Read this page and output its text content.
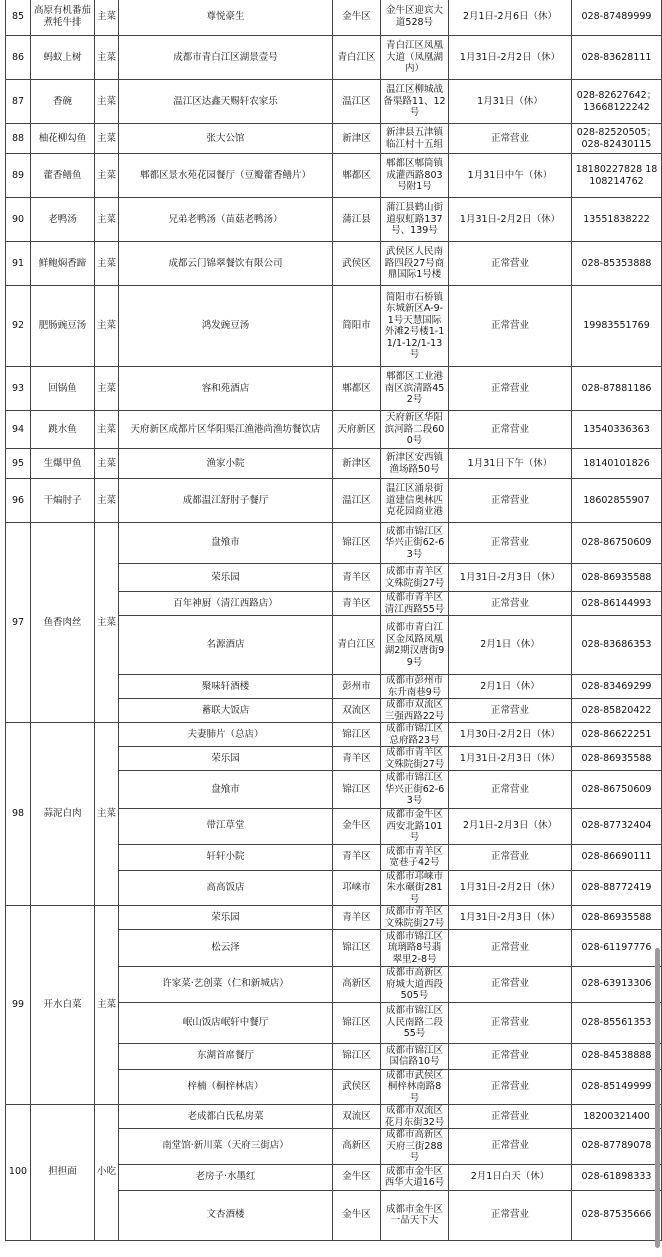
85	高原有机番茄煮牦牛排	主菜	尊悦豪生	金牛区	金牛区迎宾大道528号	2月1日-2月6日（休）	028-87489999
86	蚂蚁上树	主菜	成都市青白江区湖景壹号	青白江区	青白江区凤凰大道（凤凰湖内）	1月31日-2月2日（休）	028-83628111
87	香碗	主菜	温江区达鑫天赐轩农家乐	温江区	温江区柳城战备渠路11、12号	1月31日（休）	028-82627642；13668122242
88	柚花柳勾鱼	主菜	张大公馆	新津区	新津县五津镇临江村十五组	正常营业	028-82520505；028-82430115
89	藿香鳝鱼	主菜	郫都区景水苑花园餐厅（豆瓣藿香鳝片）	郫都区	郫都区郫筒镇成灌西路803号附1号	1月31日中午（休）	18180227828 18108214762
90	老鸭汤	主菜	兄弟老鸭汤（苗菇老鸭汤）	蒲江县	蒲江县鹤山街道驭虹路137号、139号	1月31日-2月2日（休）	13551838222
91	鲜鲍焖香蹄	主菜	成都云门锦翠餐饮有限公司	武侯区	武侯区人民南路四段27号商鼎国际1号楼	正常营业	028-85353888
92	肥肠豌豆汤	主菜	鸿发豌豆汤	简阳市	简阳市石桥镇东城新区A-9-1号天慧国际外滩2号楼1-11/1-12/1-13号	正常营业	19983551769
93	回锅鱼	主菜	容和苑酒店	郫都区	郫都区工业港南区滨清路452号	正常营业	028-87881186
94	跳水鱼	主菜	天府新区成都片区华阳渠江渔港尚渔坊餐饮店	天府新区	天府新区华阳滨河路二段600号	正常营业	13540336363
95	生爆甲鱼	主菜	渔家小院	新津区	新津区安西镇渔场路50号	1月31日下午（休）	18140101826
96	干煸肘子	主菜	成都温江舒肘子餐厅	温江区	温江区涌泉街道建信奥林匹克花园商业港	正常营业	18602855907
97	鱼香肉丝	主菜	盘飧市	锦江区	成都市锦江区华兴正街62-63号	正常营业	028-86750609
			荣乐园	青羊区	成都市青羊区文殊院街27号	1月31日-2月3日（休）	028-86935588
			百年神厨（清江西路店）	青羊区	成都市青羊区清江西路55号	正常营业	028-86144993
			名源酒店	青白江区	成都市青白江区金凤路凤凰湖2期汉唐街99号	2月1日（休）	028-83686353
			聚味轩酒楼	彭州市	成都市彭州市东升南巷9号	2月1日（休）	028-83469299
			蓄联大饭店	双流区	成都市双流区三强西路22号	正常营业	028-85820422
98	蒜泥白肉	主菜	夫妻肺片（总店）	锦江区	成都市锦江区总府路23号	1月30日-2月2日（休）	028-86622251
			荣乐园	青羊区	成都市青羊区文殊院街27号	1月31日-2月3日（休）	028-86935588
			盘飧市	锦江区	成都市锦江区华兴正街62-63号	正常营业	028-86750609
			带江草堂	金牛区	成都市金牛区西安北路101号	2月1日-2月3日（休）	028-87732404
			轩轩小院	青羊区	成都市青羊区宽巷子42号	正常营业	028-86690111
			高高饭店	邛崃市	成都市邛崃市朱水碾街281号	1月31日-2月2日（休）	028-88772419
99	开水白菜	主菜	荣乐园	青羊区	成都市青羊区文殊院街27号	1月31日-2月3日（休）	028-86935588
			松云泽	锦江区	成都市锦江区琉璃路8号翡翠里2-8号	正常营业	028-61197776
			许家菜·艺创菜（仁和新城店）	高新区	成都市高新区府城大道西段505号	正常营业	028-63913306
			岷山饭店岷轩中餐厅	锦江区	成都市锦江区人民南路二段55号	正常营业	028-85561353
			东湖首席餐厅	锦江区	成都市锦江区国信路10号	正常营业	028-84538888
			梓楠（桐梓林店）	武侯区	成都市武侯区桐梓林南路8号	正常营业	028-85149999
100	担担面	小吃	老成都白氏私房菜	双流区	成都市双流区花月东街32号	正常营业	18200321400
			南堂馆·新川菜（天府三街店）	高新区	成都市高新区天府三街288号	正常营业	028-87789078
			老房子·水墨红	金牛区	成都市金牛区西华大道16号	2月1日白天（休）	028-61898333
			文杏酒楼	金牛区	成都市金牛区一品天下大	正常营业	028-87535666
